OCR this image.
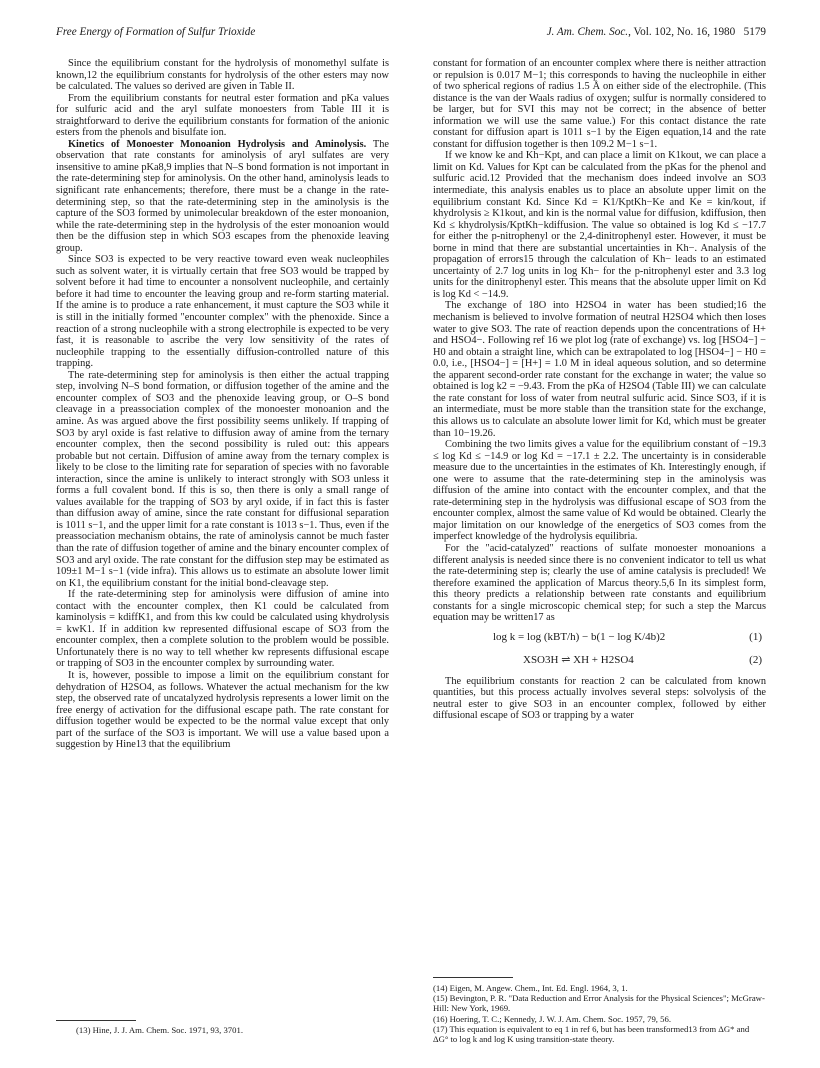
Free Energy of Formation of Sulfur Trioxide	J. Am. Chem. Soc., Vol. 102, No. 16, 1980 5179

Since the equilibrium constant for the hydrolysis of monomethyl sulfate is known,12 the equilibrium constants for hydrolysis of the other esters may now be calculated. The values so derived are given in Table II.

From the equilibrium constants for neutral ester formation and pKa values for sulfuric acid and the aryl sulfate monoesters from Table III it is straightforward to derive the equilibrium constants for formation of the anionic esters from the phenols and bisulfate ion.

Kinetics of Monoester Monoanion Hydrolysis and Aminolysis. The observation that rate constants for aminolysis of aryl sulfates are very insensitive to amine pKa8,9 implies that N–S bond formation is not important in the rate-determining step for aminolysis. On the other hand, aminolysis leads to significant rate enhancements; therefore, there must be a change in the rate-determining step, so that the rate-determining step in the aminolysis is the capture of the SO3 formed by unimolecular breakdown of the ester monoanion, while the rate-determining step in the hydrolysis of the ester monoanion would then be the diffusion step in which SO3 escapes from the phenoxide leaving group.

Since SO3 is expected to be very reactive toward even weak nucleophiles such as solvent water, it is virtually certain that free SO3 would be trapped by solvent before it had time to encounter a nonsolvent nucleophile, and certainly before it had time to encounter the leaving group and re-form starting material. If the amine is to produce a rate enhancement, it must capture the SO3 while it is still in the initially formed "encounter complex" with the phenoxide. Since a reaction of a strong nucleophile with a strong electrophile is expected to be very fast, it is reasonable to ascribe the very low sensitivity of the rates of nucleophile trapping to the essentially diffusion-controlled nature of this trapping.

The rate-determining step for aminolysis is then either the actual trapping step, involving N–S bond formation, or diffusion together of the amine and the encounter complex of SO3 and the phenoxide leaving group, or O–S bond cleavage in a preassociation complex of the monoester monoanion and the amine. As was argued above the first possibility seems unlikely. If trapping of SO3 by aryl oxide is fast relative to diffusion away of amine from the ternary encounter complex, then the second possibility is ruled out: this appears probable but not certain. Diffusion of amine away from the ternary complex is likely to be close to the limiting rate for separation of species with no favorable interaction, since the amine is unlikely to interact strongly with SO3 unless it forms a full covalent bond. If this is so, then there is only a small range of values available for the trapping of SO3 by aryl oxide, if in fact this is faster than diffusion away of amine, since the rate constant for diffusional separation is 1011 s−1, and the upper limit for a rate constant is 1013 s−1. Thus, even if the preassociation mechanism obtains, the rate of aminolysis cannot be much faster than the rate of diffusion together of amine and the binary encounter complex of SO3 and aryl oxide. The rate constant for the diffusion step may be estimated as 109±1 M−1 s−1 (vide infra). This allows us to estimate an absolute lower limit on K1, the equilibrium constant for the initial bond-cleavage step.

If the rate-determining step for aminolysis were diffusion of amine into contact with the encounter complex, then K1 could be calculated from kaminolysis = kdiffK1, and from this kw could be calculated using khydrolysis = kwK1. If in addition kw represented diffusional escape of SO3 from the encounter complex, then a complete solution to the problem would be possible. Unfortunately there is no way to tell whether kw represents diffusional escape or trapping of SO3 in the encounter complex by surrounding water.

It is, however, possible to impose a limit on the equilibrium constant for dehydration of H2SO4, as follows. Whatever the actual mechanism for the kw step, the observed rate of uncatalyzed hydrolysis represents a lower limit on the free energy of activation for the diffusional escape path. The rate constant for diffusion together would be expected to be the normal value except that only part of the surface of the SO3 is important. We will use a value based upon a suggestion by Hine13 that the equilibrium

(13) Hine, J. J. Am. Chem. Soc. 1971, 93, 3701.

constant for formation of an encounter complex where there is neither attraction or repulsion is 0.017 M−1; this corresponds to having the nucleophile in either of two spherical regions of radius 1.5 Å on either side of the electrophile. (This distance is the van der Waals radius of oxygen; sulfur is normally considered to be larger, but for SVI this may not be correct; in the absence of better information we will use the same value.) For this contact distance the rate constant for diffusion apart is 1011 s−1 by the Eigen equation,14 and the rate constant for diffusion together is then 109.2 M−1 s−1.

If we know ke and Kh−Kpt, and can place a limit on K1kout, we can place a limit on Kd. Values for Kpt can be calculated from the pKas for the phenol and sulfuric acid.12 Provided that the mechanism does indeed involve an SO3 intermediate, this analysis enables us to place an absolute upper limit on the equilibrium constant Kd. Since Kd = K1/KptKh−Ke and Ke = kin/kout, if khydrolysis ≥ K1kout, and kin is the normal value for diffusion, kdiffusion, then Kd ≤ khydrolysis/KptKh−kdiffusion. The value so obtained is log Kd ≤ −17.7 for either the p-nitrophenyl or the 2,4-dinitrophenyl ester. However, it must be borne in mind that there are substantial uncertainties in Kh−. Analysis of the propagation of errors15 through the calculation of Kh− leads to an estimated uncertainty of 2.7 log units in log Kh− for the p-nitrophenyl ester and 3.3 log units for the dinitrophenyl ester. This means that the absolute upper limit on Kd is log Kd < −14.9.

The exchange of 18O into H2SO4 in water has been studied;16 the mechanism is believed to involve formation of neutral H2SO4 which then loses water to give SO3. The rate of reaction depends upon the concentrations of H+ and HSO4−. Following ref 16 we plot log (rate of exchange) vs. log [HSO4−] − H0 and obtain a straight line, which can be extrapolated to log [HSO4−] − H0 = 0.0, i.e., [HSO4−] = [H+] = 1.0 M in ideal aqueous solution, and so determine the apparent second-order rate constant for the exchange in water; the value so obtained is log k2 = −9.43. From the pKa of H2SO4 (Table III) we can calculate the rate constant for loss of water from neutral sulfuric acid. Since SO3, if it is an intermediate, must be more stable than the transition state for the exchange, this allows us to calculate an absolute lower limit for Kd, which must be greater than 10−19.26.

Combining the two limits gives a value for the equilibrium constant of −19.3 ≤ log Kd ≤ −14.9 or log Kd = −17.1 ± 2.2. The uncertainty is in considerable measure due to the uncertainties in the estimates of Kh. Interestingly enough, if one were to assume that the rate-determining step in the aminolysis was diffusion of the amine into contact with the encounter complex, and that the rate-determining step in the hydrolysis was diffusional escape of SO3 from the encounter complex, almost the same value of Kd would be obtained. Clearly the major limitation on our knowledge of the energetics of SO3 comes from the imperfect knowledge of the hydrolysis equilibria.

For the "acid-catalyzed" reactions of sulfate monoester monoanions a different analysis is needed since there is no convenient indicator to tell us what the rate-determining step is; clearly the use of amine catalysis is precluded! We therefore examined the application of Marcus theory.5,6 In its simplest form, this theory predicts a relationship between rate constants and equilibrium constants for a single microscopic chemical step; for such a step the Marcus equation may be written17 as

log k = log (kBT/h) − b(1 − log K/4b)2	(1)
XSO3H ⇌ XH + H2SO4	(2)

The equilibrium constants for reaction 2 can be calculated from known quantities, but this process actually involves several steps: solvolysis of the neutral ester to give SO3 in an encounter complex, followed by either diffusional escape of SO3 or trapping by a water

(14) Eigen, M. Angew. Chem., Int. Ed. Engl. 1964, 3, 1.
(15) Bevington, P. R. "Data Reduction and Error Analysis for the Physical Sciences"; McGraw-Hill: New York, 1969.
(16) Hoering, T. C.; Kennedy, J. W. J. Am. Chem. Soc. 1957, 79, 56.
(17) This equation is equivalent to eq 1 in ref 6, but has been transformed13 from ΔG* and ΔG° to log k and log K using transition-state theory.
